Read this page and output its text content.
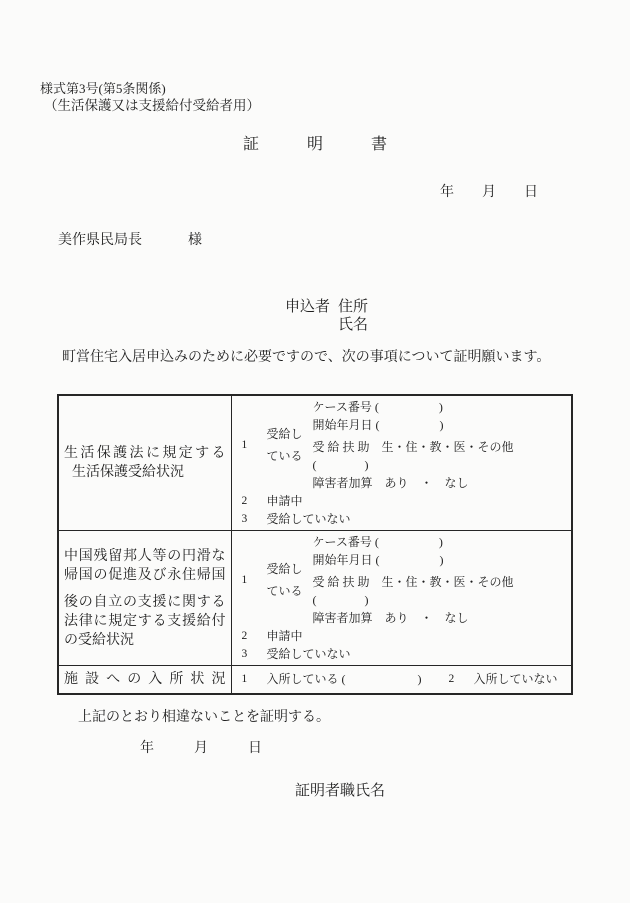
様式第3号(第5条関係)
（生活保護又は支援給付受給者用）
証明書
年　　月　　日
美作県民局長	様
申込者 住所
氏名
町営住宅入居申込みのために必要ですので、次の事項について証明願います。
生活保護法に規定する
生活保護受給状況

1
受給し
ている
ケース番号 (　　　　　)
開始年月日 (　　　　　)
受 給 扶 助　生・住・教・医・その他 (　　　　)
障害者加算　あり　・　なし
2	申請中
3	受給していない

中国残留邦人等の円滑な
帰国の促進及び永住帰国
後の自立の支援に関する
法律に規定する支援給付
の受給状況

1
受給し
ている
ケース番号 (　　　　　)
開始年月日 (　　　　　)
受 給 扶 助　生・住・教・医・その他 (　　　　)
障害者加算　あり　・　なし
2	申請中
3	受給していない

施設への入所状況	1 入所している (　　　　　　) 2 入所していない
上記のとおり相違ないことを証明する。
年　　月　　日
証明者職氏名
